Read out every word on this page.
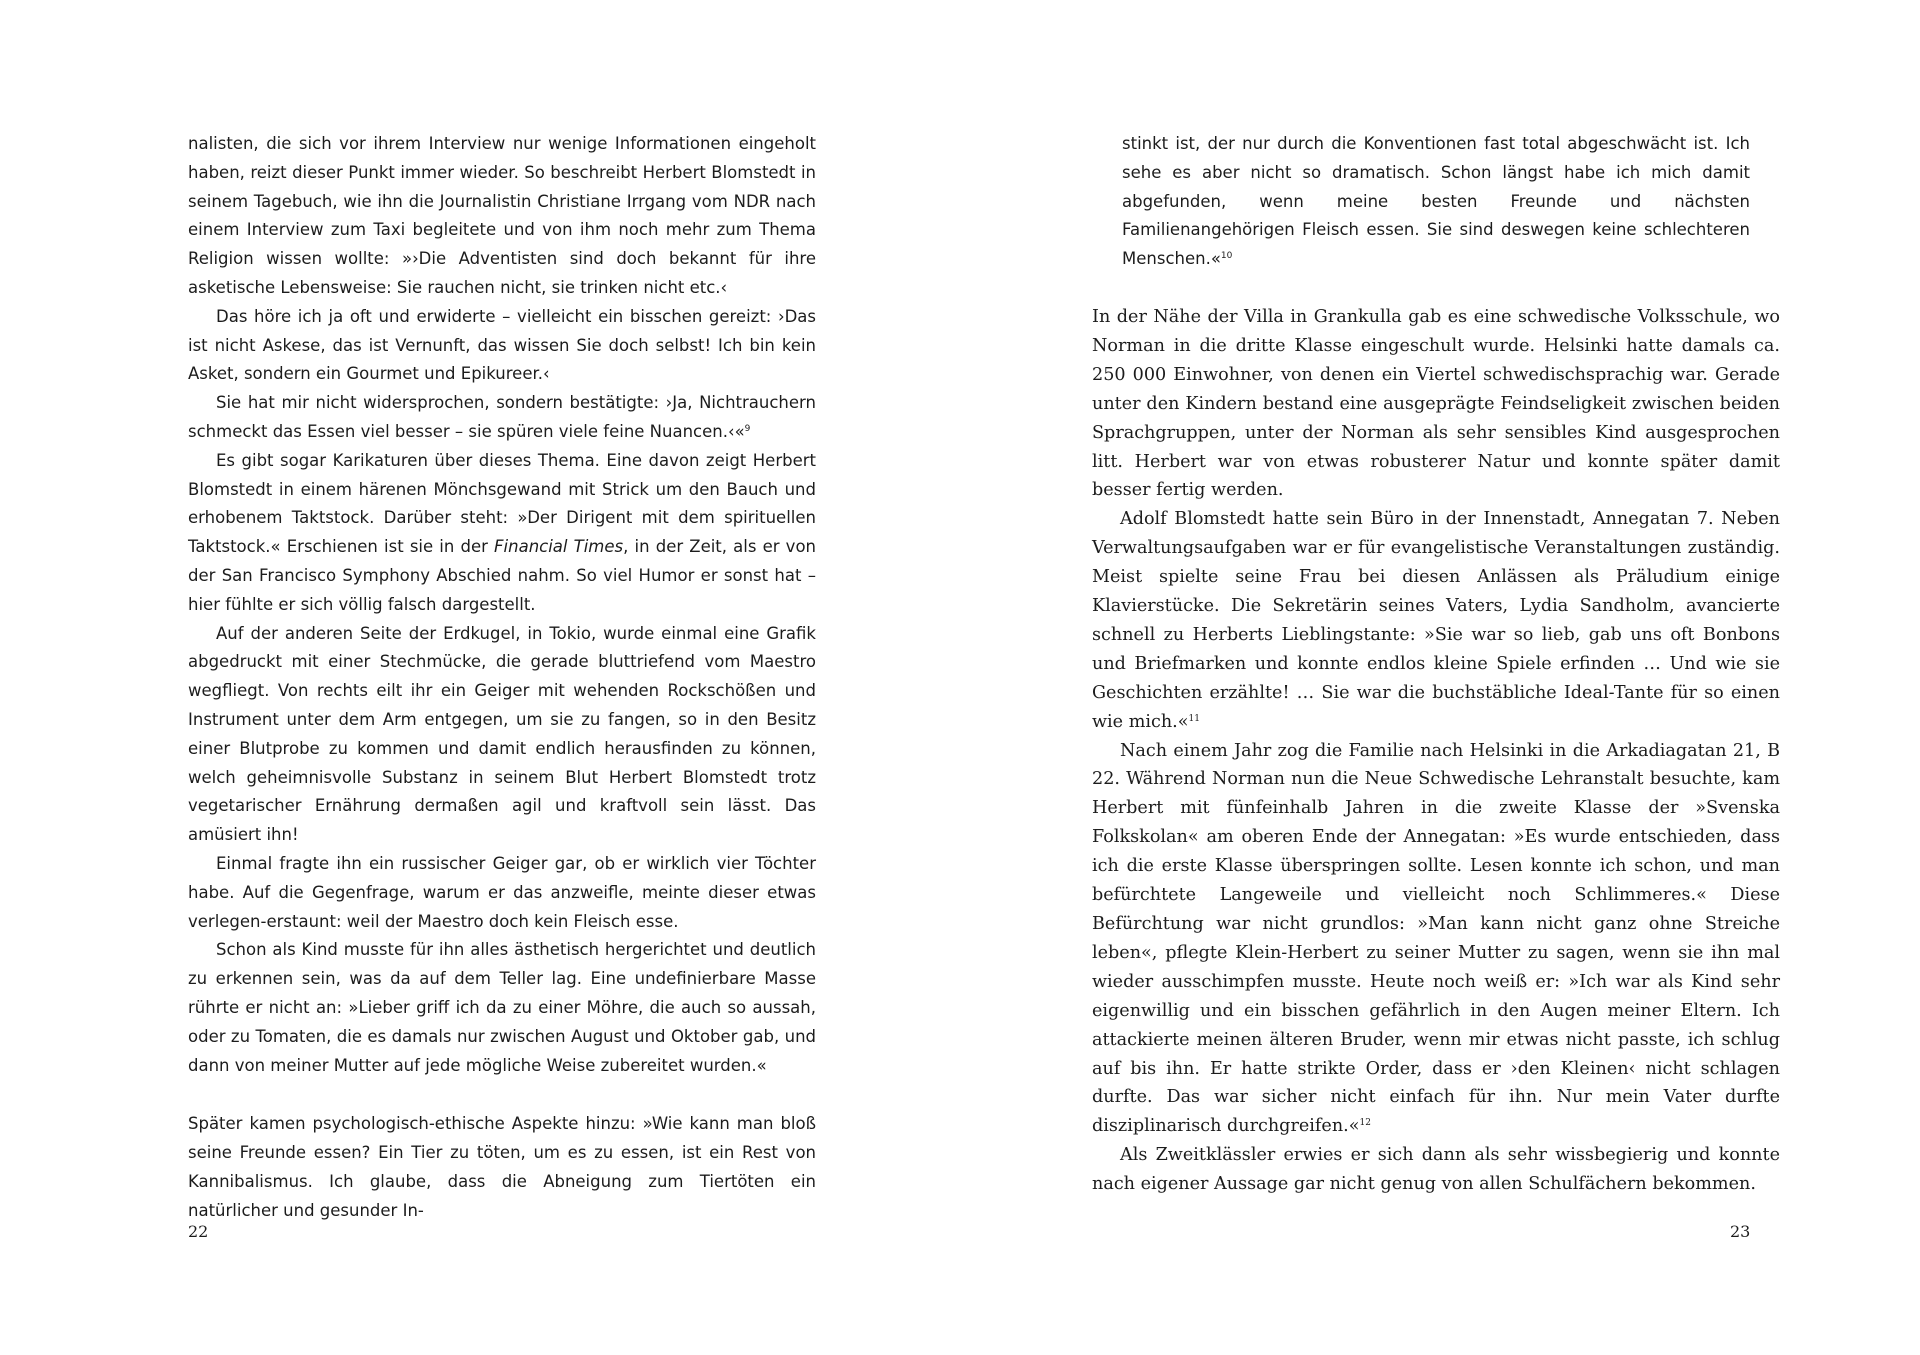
nalisten, die sich vor ihrem Interview nur wenige Informationen eingeholt haben, reizt dieser Punkt immer wieder. So beschreibt Herbert Blomstedt in seinem Tagebuch, wie ihn die Journalistin Christiane Irrgang vom NDR nach einem Interview zum Taxi begleitete und von ihm noch mehr zum Thema Religion wissen wollte: »›Die Adventisten sind doch bekannt für ihre asketische Lebensweise: Sie rauchen nicht, sie trinken nicht etc.‹

Das höre ich ja oft und erwiderte – vielleicht ein bisschen gereizt: ›Das ist nicht Askese, das ist Vernunft, das wissen Sie doch selbst! Ich bin kein Asket, sondern ein Gourmet und Epikureer.‹

Sie hat mir nicht widersprochen, sondern bestätigte: ›Ja, Nichtrauchern schmeckt das Essen viel besser – sie spüren viele feine Nuancen.‹«$^9$

Es gibt sogar Karikaturen über dieses Thema. Eine davon zeigt Herbert Blomstedt in einem härenen Mönchsgewand mit Strick um den Bauch und erhobenem Taktstock. Darüber steht: »Der Dirigent mit dem spirituellen Taktstock.« Erschienen ist sie in der Financial Times, in der Zeit, als er von der San Francisco Symphony Abschied nahm. So viel Humor er sonst hat – hier fühlte er sich völlig falsch dargestellt.

Auf der anderen Seite der Erdkugel, in Tokio, wurde einmal eine Grafik abgedruckt mit einer Stechmücke, die gerade bluttriefend vom Maestro wegfliegt. Von rechts eilt ihr ein Geiger mit wehenden Rockschößen und Instrument unter dem Arm entgegen, um sie zu fangen, so in den Besitz einer Blutprobe zu kommen und damit endlich herausfinden zu können, welch geheimnisvolle Substanz in seinem Blut Herbert Blomstedt trotz vegetarischer Ernährung dermaßen agil und kraftvoll sein lässt. Das amüsiert ihn!

Einmal fragte ihn ein russischer Geiger gar, ob er wirklich vier Töchter habe. Auf die Gegenfrage, warum er das anzweifle, meinte dieser etwas verlegen-erstaunt: weil der Maestro doch kein Fleisch esse.

Schon als Kind musste für ihn alles ästhetisch hergerichtet und deutlich zu erkennen sein, was da auf dem Teller lag. Eine undefinierbare Masse rührte er nicht an: »Lieber griff ich da zu einer Möhre, die auch so aussah, oder zu Tomaten, die es damals nur zwischen August und Oktober gab, und dann von meiner Mutter auf jede mögliche Weise zubereitet wurden.«

Später kamen psychologisch-ethische Aspekte hinzu: »Wie kann man bloß seine Freunde essen? Ein Tier zu töten, um es zu essen, ist ein Rest von Kannibalismus. Ich glaube, dass die Abneigung zum Tiertöten ein natürlicher und gesunder In-

22

stinkt ist, der nur durch die Konventionen fast total abgeschwächt ist. Ich sehe es aber nicht so dramatisch. Schon längst habe ich mich damit abgefunden, wenn meine besten Freunde und nächsten Familienangehörigen Fleisch essen. Sie sind deswegen keine schlechteren Menschen.«$^{10}$

In der Nähe der Villa in Grankulla gab es eine schwedische Volksschule, wo Norman in die dritte Klasse eingeschult wurde. Helsinki hatte damals ca. 250 000 Einwohner, von denen ein Viertel schwedischsprachig war. Gerade unter den Kindern bestand eine ausgeprägte Feindseligkeit zwischen beiden Sprachgruppen, unter der Norman als sehr sensibles Kind ausgesprochen litt. Herbert war von etwas robusterer Natur und konnte später damit besser fertig werden.

Adolf Blomstedt hatte sein Büro in der Innenstadt, Annegatan 7. Neben Verwaltungsaufgaben war er für evangelistische Veranstaltungen zuständig. Meist spielte seine Frau bei diesen Anlässen als Präludium einige Klavierstücke. Die Sekretärin seines Vaters, Lydia Sandholm, avancierte schnell zu Herberts Lieblingstante: »Sie war so lieb, gab uns oft Bonbons und Briefmarken und konnte endlos kleine Spiele erfinden … Und wie sie Geschichten erzählte! … Sie war die buchstäbliche Ideal-Tante für so einen wie mich.«$^{11}$

Nach einem Jahr zog die Familie nach Helsinki in die Arkadiagatan 21, B 22. Während Norman nun die Neue Schwedische Lehranstalt besuchte, kam Herbert mit fünfeinhalb Jahren in die zweite Klasse der »Svenska Folkskolan« am oberen Ende der Annegatan: »Es wurde entschieden, dass ich die erste Klasse überspringen sollte. Lesen konnte ich schon, und man befürchtete Langeweile und vielleicht noch Schlimmeres.« Diese Befürchtung war nicht grundlos: »Man kann nicht ganz ohne Streiche leben«, pflegte Klein-Herbert zu seiner Mutter zu sagen, wenn sie ihn mal wieder ausschimpfen musste. Heute noch weiß er: »Ich war als Kind sehr eigenwillig und ein bisschen gefährlich in den Augen meiner Eltern. Ich attackierte meinen älteren Bruder, wenn mir etwas nicht passte, ich schlug auf bis ihn. Er hatte strikte Order, dass er ›den Kleinen‹ nicht schlagen durfte. Das war sicher nicht einfach für ihn. Nur mein Vater durfte disziplinarisch durchgreifen.«$^{12}$

Als Zweitklässler erwies er sich dann als sehr wissbegierig und konnte nach eigener Aussage gar nicht genug von allen Schulfächern bekommen.

23
